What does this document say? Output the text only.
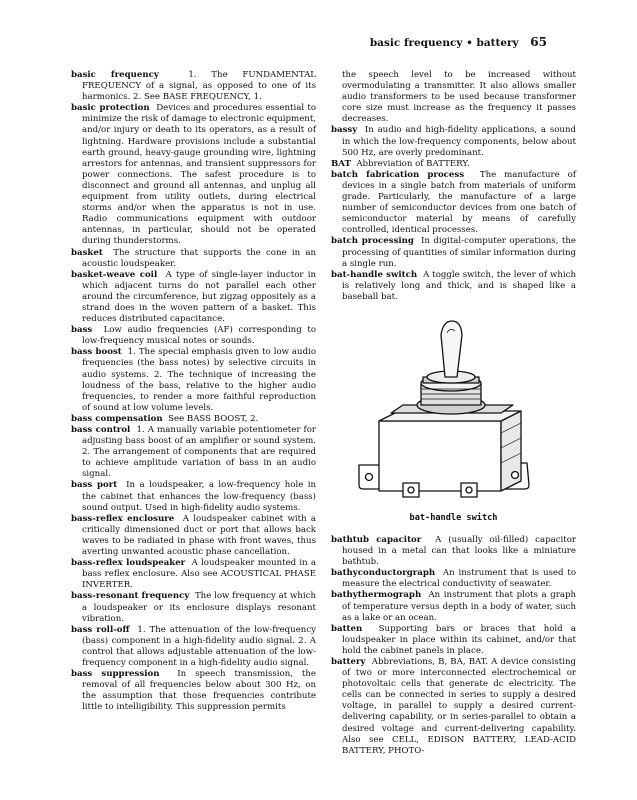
basic frequency • battery 65

basic frequency	1. The FUNDAMENTAL FREQUENCY of a signal, as opposed to one of its harmonics. 2. See BASE FREQUENCY, 1.

basic protection Devices and procedures essential to minimize the risk of damage to electronic equipment, and/or injury or death to its operators, as a result of lightning. Hardware provisions include a substantial earth ground, heavy-gauge grounding wire, lightning arrestors for antennas, and transient suppressors for power connections. The safest procedure is to disconnect and ground all antennas, and unplug all equipment from utility outlets, during electrical storms and/or when the apparatus is not in use. Radio communications equipment with outdoor antennas, in particular, should not be operated during thunderstorms.

basket The structure that supports the cone in an acoustic loudspeaker.

basket-weave coil A type of single-layer inductor in which adjacent turns do not parallel each other around the circumference, but zigzag oppositely as a strand does in the woven pattern of a basket. This reduces distributed capacitance.

bass Low audio frequencies (AF) corresponding to low-frequency musical notes or sounds.

bass boost 1. The special emphasis given to low audio frequencies (the bass notes) by selective circuits in audio systems. 2. The technique of increasing the loudness of the bass, relative to the higher audio frequencies, to render a more faithful reproduction of sound at low volume levels.

bass compensation See BASS BOOST, 2.

bass control 1. A manually variable potentiometer for adjusting bass boost of an amplifier or sound system. 2. The arrangement of components that are required to achieve amplitude variation of bass in an audio signal.

bass port In a loudspeaker, a low-frequency hole in the cabinet that enhances the low-frequency (bass) sound output. Used in high-fidelity audio systems.

bass-reflex enclosure A loudspeaker cabinet with a critically dimensioned duct or port that allows back waves to be radiated in phase with front waves, thus averting unwanted acoustic phase cancellation.

bass-reflex loudspeaker A loudspeaker mounted in a bass reflex enclosure. Also see ACOUSTICAL PHASE INVERTER.

bass-resonant frequency The low frequency at which a loudspeaker or its enclosure displays resonant vibration.

bass roll-off 1. The attenuation of the low-frequency (bass) component in a high-fidelity audio signal. 2. A control that allows adjustable attenuation of the low-frequency component in a high-fidelity audio signal.

bass suppression In speech transmission, the removal of all frequencies below about 300 Hz, on the assumption that those frequencies contribute little to intelligibility. This suppression permits

the speech level to be increased without overmodulating a transmitter. It also allows smaller audio transformers to be used because transformer core size must increase as the frequency it passes decreases.

bassy In audio and high-fidelity applications, a sound in which the low-frequency components, below about 500 Hz, are overly predominant.

BAT Abbreviation of BATTERY.

batch fabrication process The manufacture of devices in a single batch from materials of uniform grade. Particularly, the manufacture of a large number of semiconductor devices from one batch of semiconductor material by means of carefully controlled, identical processes.

batch processing In digital-computer operations, the processing of quantities of similar information during a single run.

bat-handle switch A toggle switch, the lever of which is relatively long and thick, and is shaped like a baseball bat.

bat-handle switch

bathtub capacitor A (usually oil-filled) capacitor housed in a metal can that looks like a miniature bathtub.

bathyconductorgraph An instrument that is used to measure the electrical conductivity of seawater.

bathythermograph An instrument that plots a graph of temperature versus depth in a body of water, such as a lake or an ocean.

batten Supporting bars or braces that hold a loudspeaker in place within its cabinet, and/or that hold the cabinet panels in place.

battery Abbreviations, B, BA, BAT. A device consisting of two or more interconnected electrochemical or photovoltaic cells that generate dc electricity. The cells can be connected in series to supply a desired voltage, in parallel to supply a desired current-delivering capability, or in series-parallel to obtain a desired voltage and current-delivering capability. Also see CELL, EDISON BATTERY, LEAD-ACID BATTERY, PHOTO-
